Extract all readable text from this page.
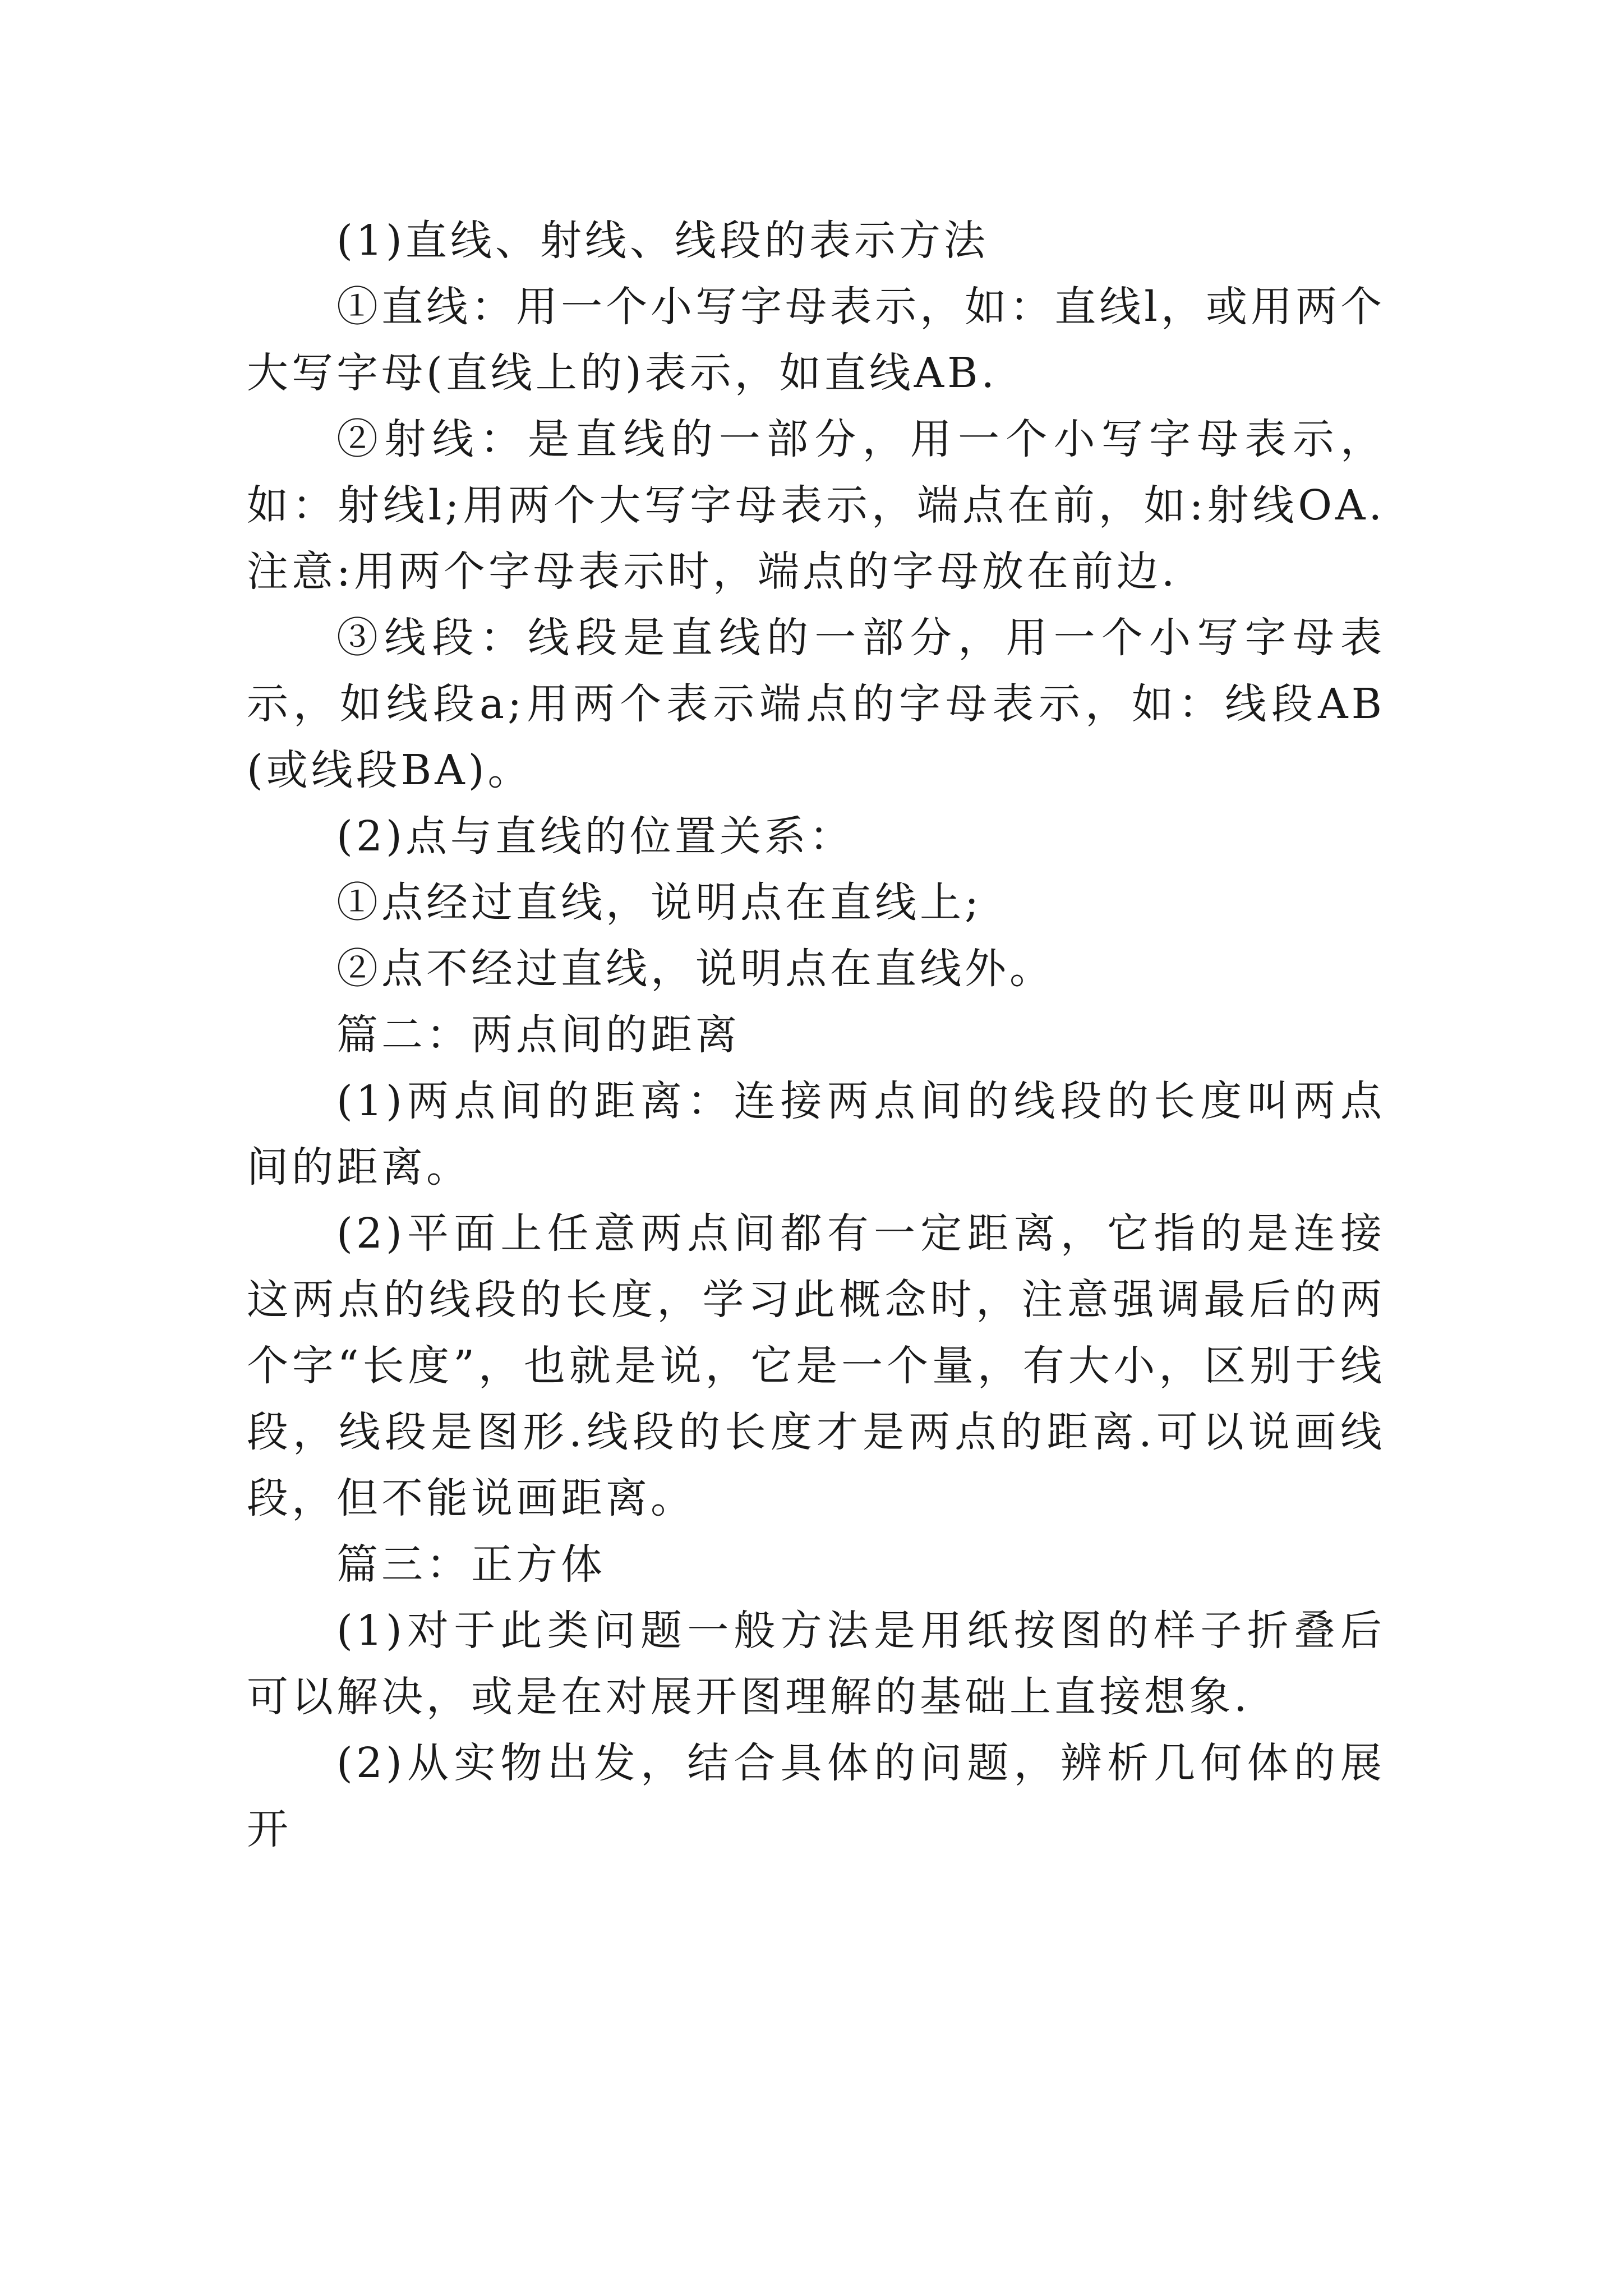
(1)直线、射线、线段的表示方法

①直线：用一个小写字母表示，如：直线l，或用两个大写字母(直线上的)表示，如直线AB.

②射线：是直线的一部分，用一个小写字母表示，如：射线l;用两个大写字母表示，端点在前，如:射线OA.注意:用两个字母表示时，端点的字母放在前边.

③线段：线段是直线的一部分，用一个小写字母表示，如线段a;用两个表示端点的字母表示，如：线段AB(或线段BA)。

(2)点与直线的位置关系：

①点经过直线，说明点在直线上;

②点不经过直线，说明点在直线外。

篇二：两点间的距离

(1)两点间的距离：连接两点间的线段的长度叫两点间的距离。

(2)平面上任意两点间都有一定距离，它指的是连接这两点的线段的长度，学习此概念时，注意强调最后的两个字“长度”，也就是说，它是一个量，有大小，区别于线段，线段是图形.线段的长度才是两点的距离.可以说画线段，但不能说画距离。

篇三：正方体

(1)对于此类问题一般方法是用纸按图的样子折叠后可以解决，或是在对展开图理解的基础上直接想象.

(2)从实物出发，结合具体的问题，辨析几何体的展开
